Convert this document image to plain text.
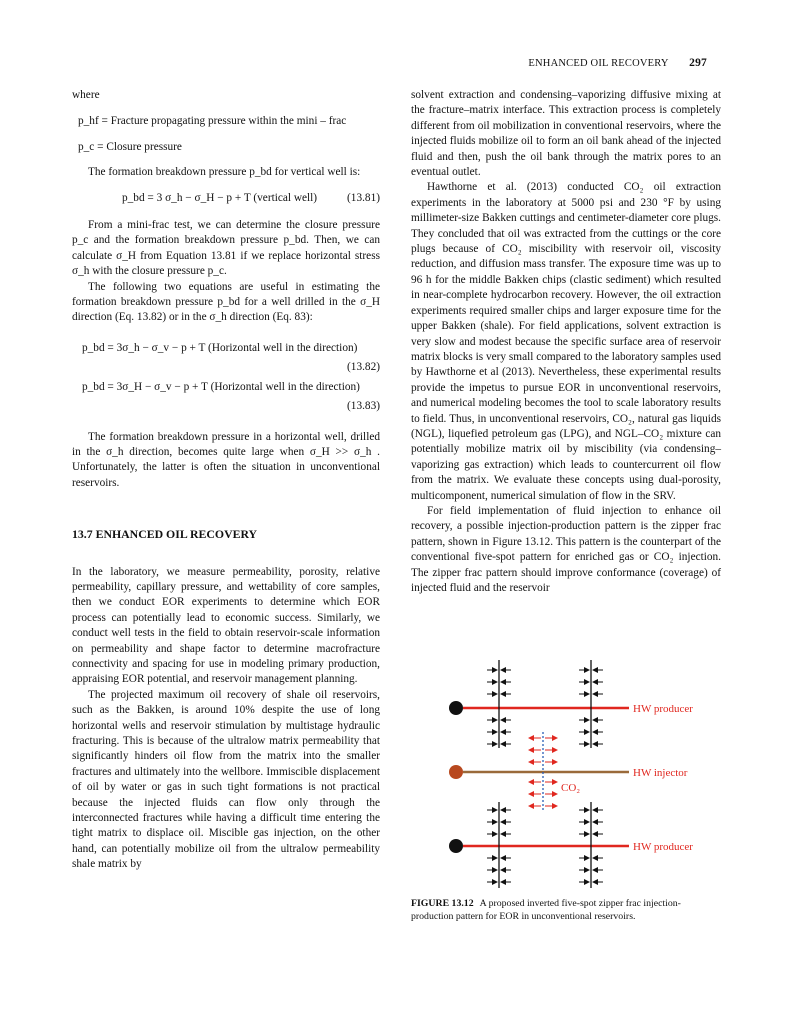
ENHANCED OIL RECOVERY 297

where

p_hf = Fracture propagating pressure within the mini – frac

p_c = Closure pressure

The formation breakdown pressure p_bd for vertical well is:

p_bd = 3 σ_h − σ_H − p + T (vertical well)	(13.81)

From a mini-frac test, we can determine the closure pressure p_c and the formation breakdown pressure p_bd. Then, we can calculate σ_H from Equation 13.81 if we replace horizontal stress σ_h with the closure pressure p_c.

The following two equations are useful in estimating the formation breakdown pressure p_bd for a well drilled in the σ_H direction (Eq. 13.82) or in the σ_h direction (Eq. 83):

p_bd = 3σ_h − σ_v − p + T (Horizontal well in the direction)

(13.82)

p_bd = 3σ_H − σ_v − p + T (Horizontal well in the direction)

(13.83)

The formation breakdown pressure in a horizontal well, drilled in the σ_h direction, becomes quite large when σ_H >> σ_h . Unfortunately, the latter is often the situation in unconventional reservoirs.

13.7 ENHANCED OIL RECOVERY

In the laboratory, we measure permeability, porosity, relative permeability, capillary pressure, and wettability of core samples, then we conduct EOR experiments to determine which EOR process can potentially lead to economic success. Similarly, we conduct well tests in the field to obtain reservoir-scale information on permeability and shape factor to determine macrofracture connectivity and spacing for use in modeling primary production, appraising EOR potential, and reservoir management planning.

The projected maximum oil recovery of shale oil reservoirs, such as the Bakken, is around 10% despite the use of long horizontal wells and reservoir stimulation by multistage hydraulic fracturing. This is because of the ultralow matrix permeability that significantly hinders oil flow from the matrix into the smaller fractures and ultimately into the wellbore. Immiscible displacement of oil by water or gas in such tight formations is not practical because the injected fluids can flow only through the interconnected fractures while having a difficult time entering the tight matrix to displace oil. Miscible gas injection, on the other hand, can potentially mobilize oil from the ultralow permeability shale matrix by

solvent extraction and condensing–vaporizing diffusive mixing at the fracture–matrix interface. This extraction process is completely different from oil mobilization in conventional reservoirs, where the injected fluids mobilize oil to form an oil bank ahead of the injected fluid and then, push the oil bank through the matrix pores to an eventual outlet.

Hawthorne et al. (2013) conducted CO₂ oil extraction experiments in the laboratory at 5000 psi and 230 °F by using millimeter-size Bakken cuttings and centimeter-diameter core plugs. They concluded that oil was extracted from the cuttings or the core plugs because of CO₂ miscibility with reservoir oil, viscosity reduction, and diffusion mass transfer. The exposure time was up to 96 h for the middle Bakken chips (clastic sediment) which resulted in near-complete hydrocarbon recovery. However, the oil extraction experiments required smaller chips and larger exposure time for the upper Bakken (shale). For field applications, solvent extraction is very slow and modest because the specific surface area of reservoir matrix blocks is very small compared to the laboratory samples used by Hawthorne et al (2013). Nevertheless, these experimental results provide the impetus to pursue EOR in unconventional reservoirs, and numerical modeling becomes the tool to scale laboratory results to field. Thus, in unconventional reservoirs, CO₂, natural gas liquids (NGL), liquefied petroleum gas (LPG), and NGL–CO₂ mixture can potentially mobilize matrix oil by miscibility (via condensing–vaporizing gas extraction) which leads to countercurrent oil flow from the matrix. We evaluate these concepts using dual-porosity, multicomponent, numerical simulation of flow in the SRV.

For field implementation of fluid injection to enhance oil recovery, a possible injection-production pattern is the zipper frac pattern, shown in Figure 13.12. This pattern is the counterpart of the conventional five-spot pattern for enriched gas or CO₂ injection. The zipper frac pattern should improve conformance (coverage) of injected fluid and the reservoir

HW producer
HW injector
CO₂
HW producer
FIGURE 13.12 A proposed inverted five-spot zipper frac injection-production pattern for EOR in unconventional reservoirs.
